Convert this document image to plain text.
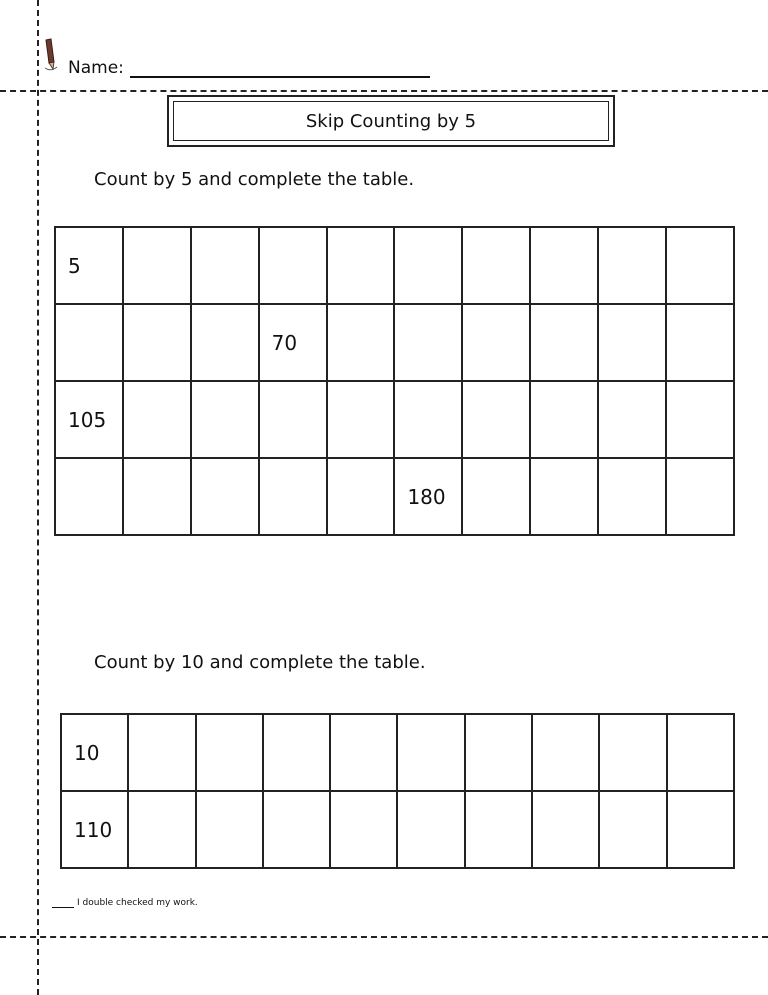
Name:
Skip Counting by 5
Count by 5 and complete the table.
5									

			70						

105									

					180				

Count by 10 and complete the table.
10									

110									

I double checked my work.
